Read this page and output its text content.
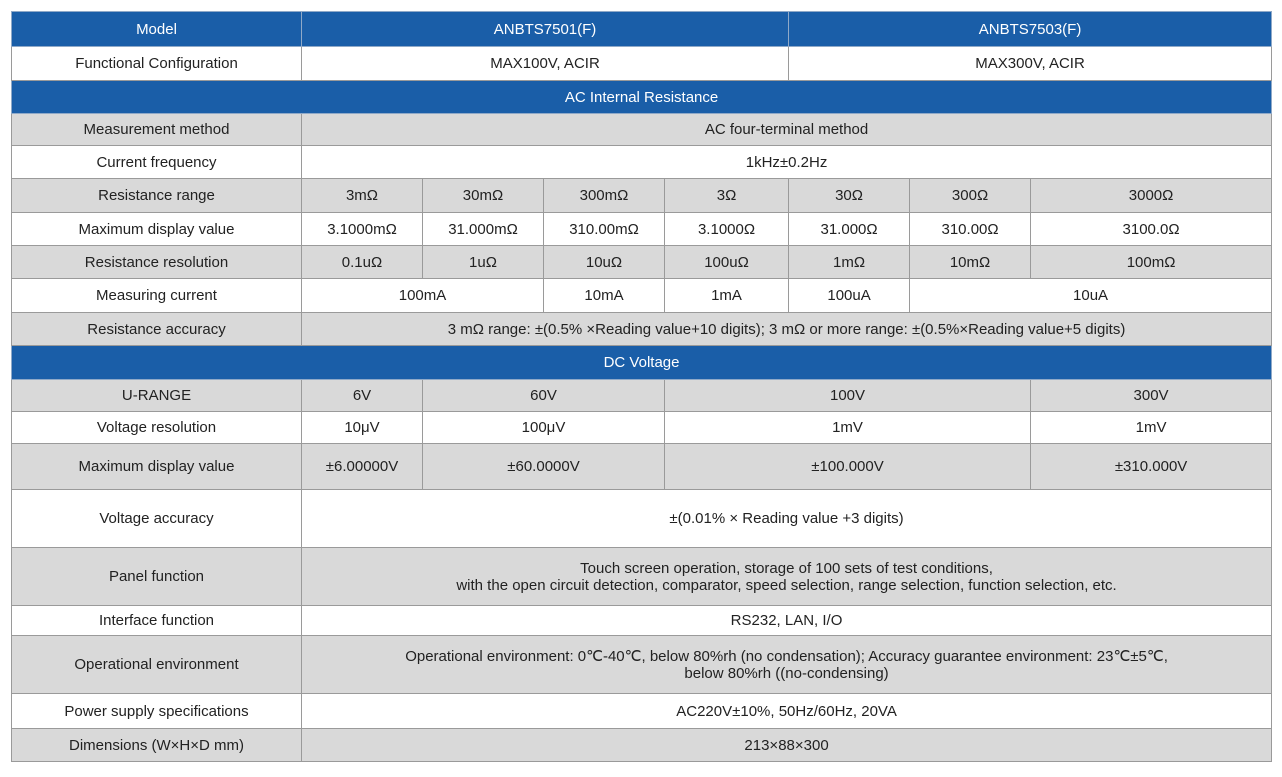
Model	ANBTS7501(F)				ANBTS7503(F)		
Functional Configuration	MAX100V, ACIR				MAX300V, ACIR		
AC Internal Resistance							
Measurement method	AC four-terminal method						
Current frequency	1kHz±0.2Hz						
Resistance range	3mΩ	30mΩ	300mΩ	3Ω	30Ω	300Ω	3000Ω
Maximum display value	3.1000mΩ	31.000mΩ	310.00mΩ	3.1000Ω	31.000Ω	310.00Ω	3100.0Ω
Resistance resolution	0.1uΩ	1uΩ	10uΩ	100uΩ	1mΩ	10mΩ	100mΩ
Measuring current	100mA		10mA	1mA	100uA	10uA	
Resistance accuracy	3 mΩ range: ±(0.5% ×Reading value+10 digits); 3 mΩ or more range: ±(0.5%×Reading value+5 digits)						
DC Voltage							
U-RANGE	6V	60V		100V			300V
Voltage resolution	10μV	100μV		1mV			1mV
Maximum display value	±6.00000V	±60.0000V		±100.000V			±310.000V
Voltage accuracy	±(0.01% × Reading value +3 digits)						
Panel function	Touch screen operation, storage of 100 sets of test conditions,
with the open circuit detection, comparator, speed selection, range selection, function selection, etc.						

Interface function	RS232, LAN, I/O						
Operational environment	Operational environment: 0℃-40℃, below 80%rh (no condensation); Accuracy guarantee environment: 23℃±5℃,
below 80%rh ((no-condensing)						

Power supply specifications	AC220V±10%, 50Hz/60Hz, 20VA						
Dimensions (W×H×D mm)	213×88×300						
